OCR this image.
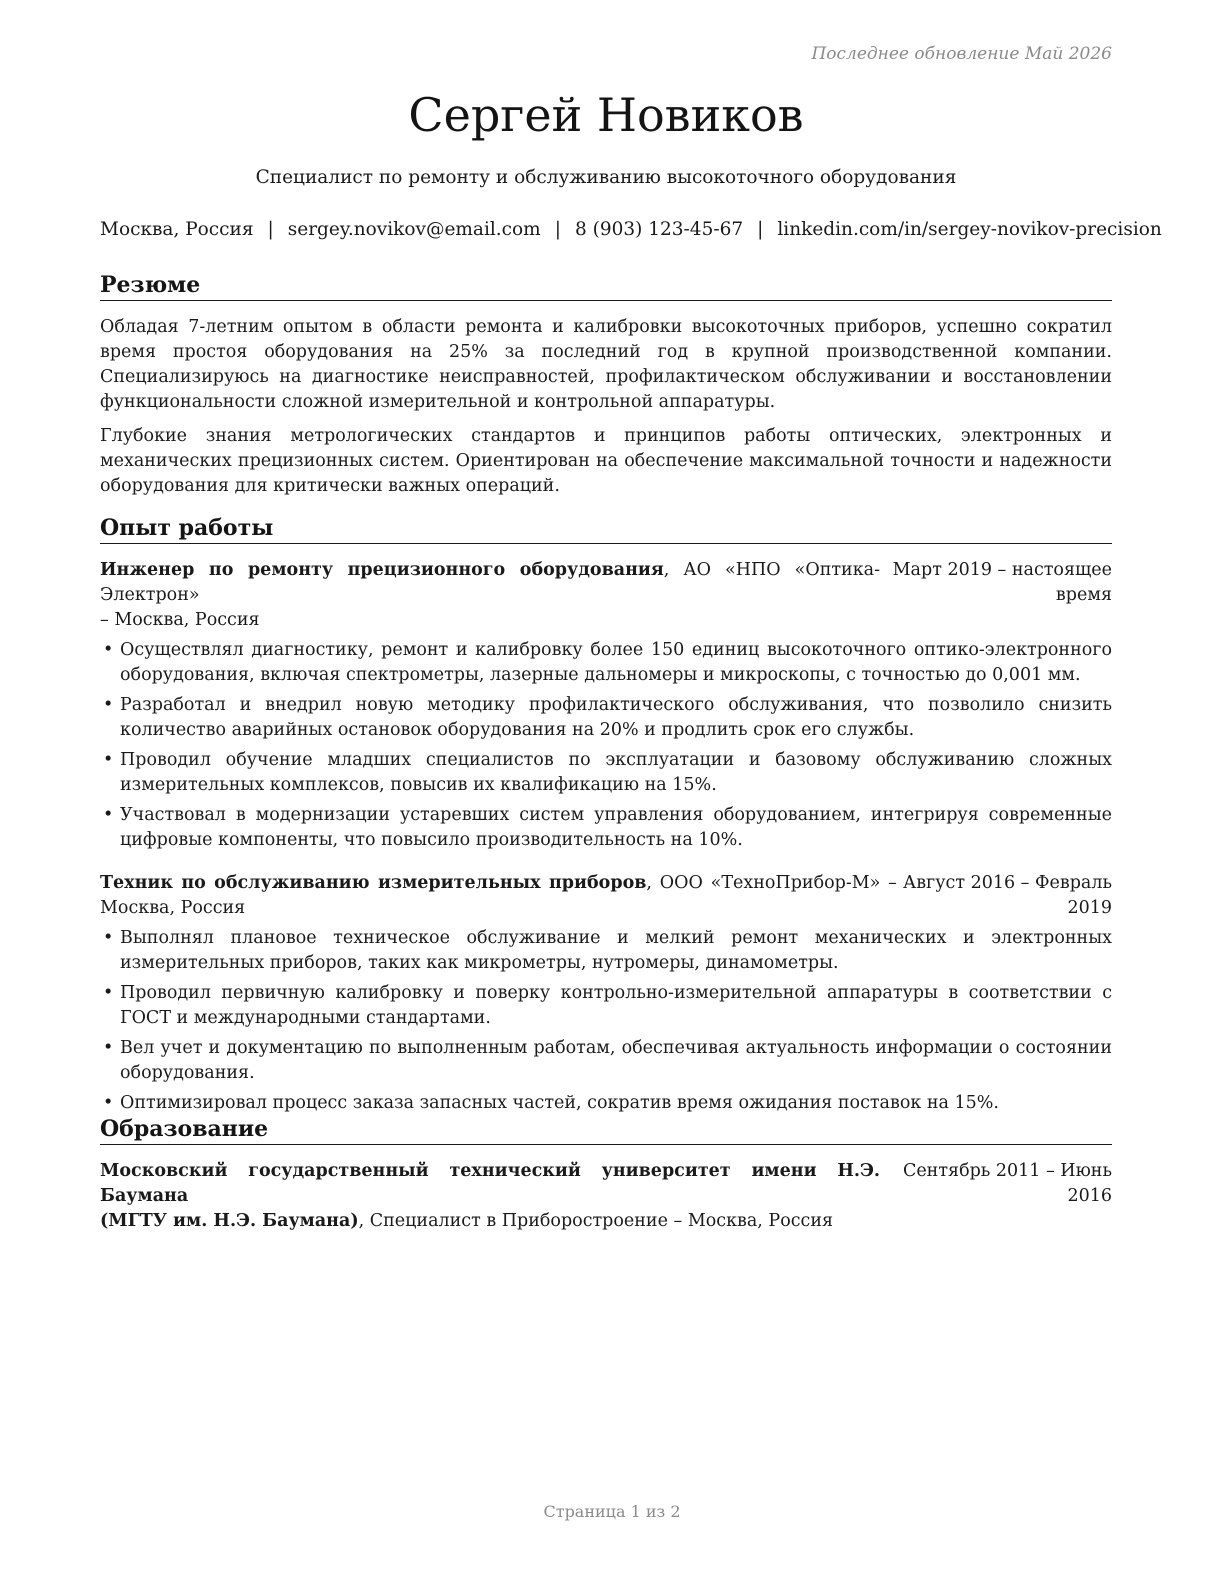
Последнее обновление Май 2026
Сергей Новиков
Специалист по ремонту и обслуживанию высокоточного оборудования
Москва, Россия | sergey.novikov@email.com | 8 (903) 123-45-67 | linkedin.com/in/sergey-novikov-precision
Резюме

Обладая 7-летним опытом в области ремонта и калибровки высокоточных приборов, успешно сократил время простоя оборудования на 25% за последний год в крупной производственной компании. Специализируюсь на диагностике неисправностей, профилактическом обслуживании и восстановлении функциональности сложной измерительной и контрольной аппаратуры.

Глубокие знания метрологических стандартов и принципов работы оптических, электронных и механических прецизионных систем. Ориентирован на обеспечение максимальной точности и надежности оборудования для критически важных операций.

Опыт работы
Инженер по ремонту прецизионного оборудования, АО «НПО «Оптика-Электрон»
– Москва, Россия
Март 2019 – настоящее
время
• Осуществлял диагностику, ремонт и калибровку более 150 единиц высокоточного оптико-электронного оборудования, включая спектрометры, лазерные дальномеры и микроскопы, с точностью до 0,001 мм.
• Разработал и внедрил новую методику профилактического обслуживания, что позволило снизить количество аварийных остановок оборудования на 20% и продлить срок его службы.
• Проводил обучение младших специалистов по эксплуатации и базовому обслуживанию сложных измерительных комплексов, повысив их квалификацию на 15%.
• Участвовал в модернизации устаревших систем управления оборудованием, интегрируя современные цифровые компоненты, что повысило производительность на 10%.
Техник по обслуживанию измерительных приборов, ООО «ТехноПрибор-М» –
Москва, Россия
Август 2016 – Февраль
2019
• Выполнял плановое техническое обслуживание и мелкий ремонт механических и электронных измерительных приборов, таких как микрометры, нутромеры, динамометры.
• Проводил первичную калибровку и поверку контрольно-измерительной аппаратуры в соответствии с ГОСТ и международными стандартами.
• Вел учет и документацию по выполненным работам, обеспечивая актуальность информации о состоянии оборудования.
• Оптимизировал процесс заказа запасных частей, сократив время ожидания поставок на 15%.
Образование
Московский государственный технический университет имени Н.Э. Баумана
(МГТУ им. Н.Э. Баумана), Специалист в Приборостроение – Москва, Россия
Сентябрь 2011 – Июнь
2016
Страница 1 из 2
